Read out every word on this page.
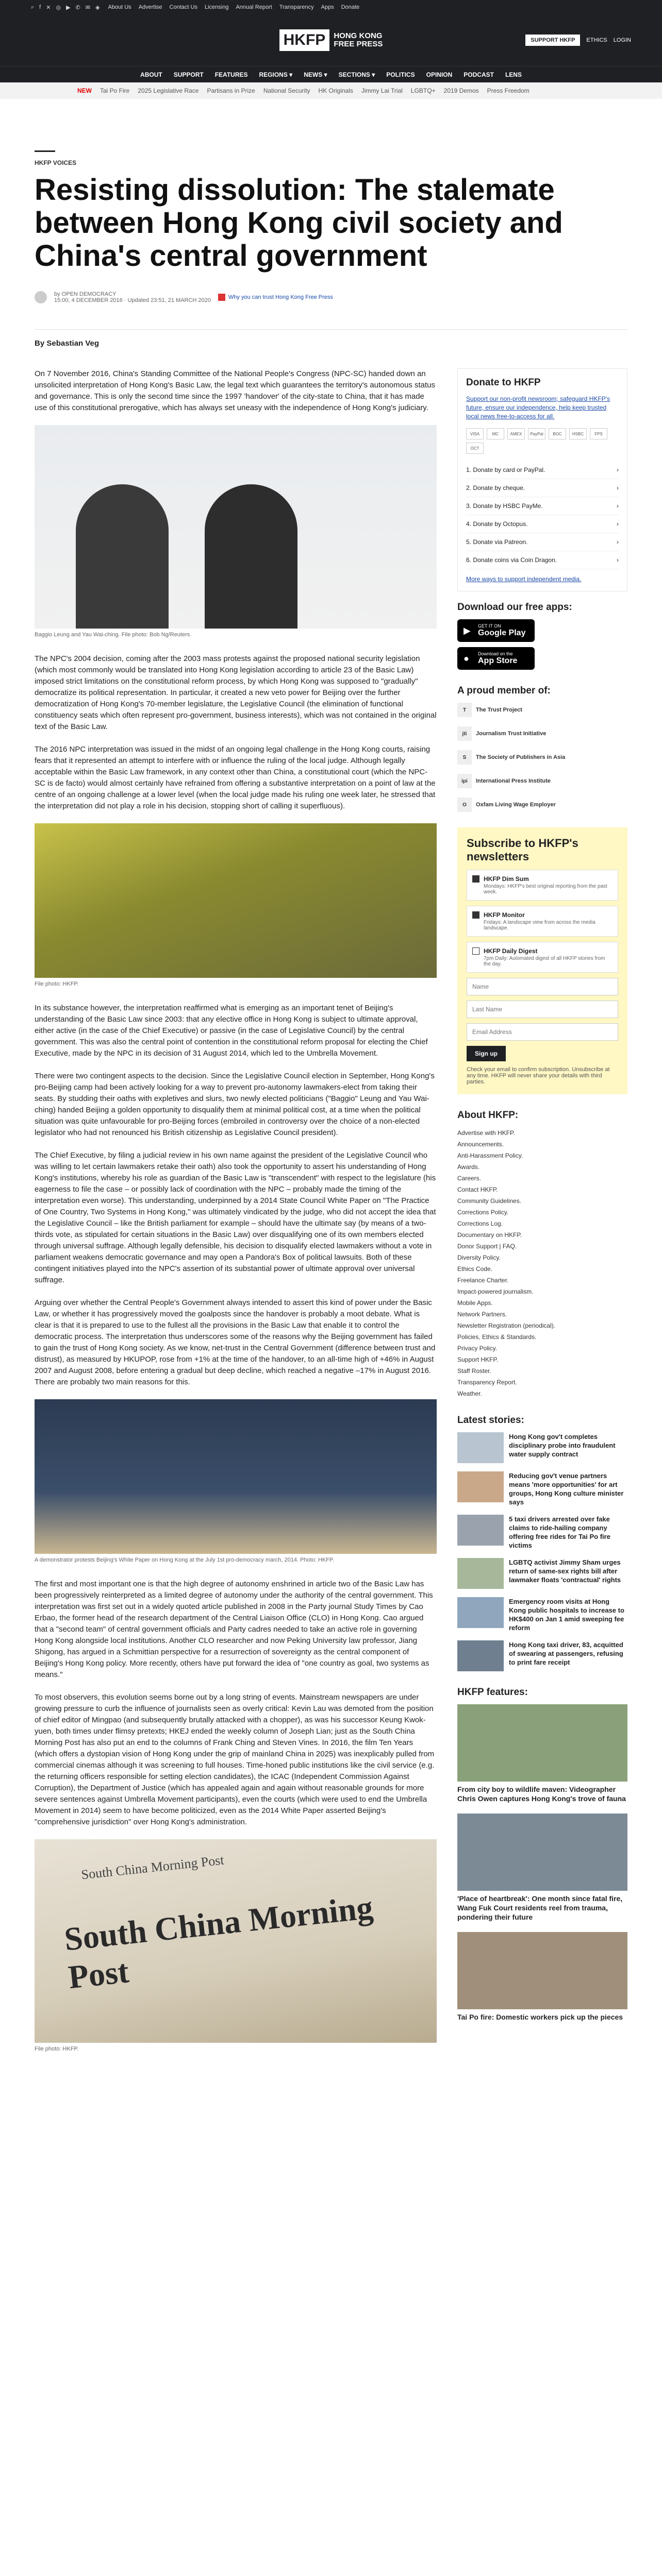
⌕ f ✕ ◎ ▶ ✆ ✉ ◈ About Us Advertise Contact Us Licensing Annual Report Transparency Apps Donate
HKFP	HONG KONG
FREE PRESS	SUPPORT HKFP	ETHICS LOGIN
ABOUT SUPPORT FEATURES REGIONS ▾ NEWS ▾ SECTIONS ▾ POLITICS OPINION PODCAST LENS
NEW Tai Po Fire 2025 Legislative Race Partisans in Prize National Security HK Originals Jimmy Lai Trial LGBTQ+ 2019 Demos Press Freedom
HKFP VOICES
Resisting dissolution: The stalemate between Hong Kong civil society and China's central government
by OPEN DEMOCRACY
15:00, 4 DECEMBER 2016 · Updated 23:51, 21 MARCH 2020	Why you can trust Hong Kong Free Press
By Sebastian Veg

On 7 November 2016, China's Standing Committee of the National People's Congress (NPC-SC) handed down an unsolicited interpretation of Hong Kong's Basic Law, the legal text which guarantees the territory's autonomous status and governance. This is only the second time since the 1997 'handover' of the city-state to China, that it has made use of this constitutional prerogative, which has always set uneasy with the independence of Hong Kong's judiciary.

Baggio Leung and Yau Wai-ching. File photo: Bob Ng/Reuters.

The NPC's 2004 decision, coming after the 2003 mass protests against the proposed national security legislation (which most commonly would be translated into Hong Kong legislation according to article 23 of the Basic Law) imposed strict limitations on the constitutional reform process, by which Hong Kong was supposed to "gradually" democratize its political representation. In particular, it created a new veto power for Beijing over the further democratization of Hong Kong's 70-member legislature, the Legislative Council (the elimination of functional constituency seats which often represent pro-government, business interests), which was not contained in the original text of the Basic Law.

The 2016 NPC interpretation was issued in the midst of an ongoing legal challenge in the Hong Kong courts, raising fears that it represented an attempt to interfere with or influence the ruling of the local judge. Although legally acceptable within the Basic Law framework, in any context other than China, a constitutional court (which the NPC-SC is de facto) would almost certainly have refrained from offering a substantive interpretation on a point of law at the centre of an ongoing challenge at a lower level (when the local judge made his ruling one week later, he stressed that the interpretation did not play a role in his decision, stopping short of calling it superfluous).

File photo: HKFP.

In its substance however, the interpretation reaffirmed what is emerging as an important tenet of Beijing's understanding of the Basic Law since 2003: that any elective office in Hong Kong is subject to ultimate approval, either active (in the case of the Chief Executive) or passive (in the case of Legislative Council) by the central government. This was also the central point of contention in the constitutional reform proposal for electing the Chief Executive, made by the NPC in its decision of 31 August 2014, which led to the Umbrella Movement.

There were two contingent aspects to the decision. Since the Legislative Council election in September, Hong Kong's pro-Beijing camp had been actively looking for a way to prevent pro-autonomy lawmakers-elect from taking their seats. By studding their oaths with expletives and slurs, two newly elected politicians ("Baggio" Leung and Yau Wai-ching) handed Beijing a golden opportunity to disqualify them at minimal political cost, at a time when the political situation was quite unfavourable for pro-Beijing forces (embroiled in controversy over the choice of a non-elected legislator who had not renounced his British citizenship as Legislative Council president).

The Chief Executive, by filing a judicial review in his own name against the president of the Legislative Council who was willing to let certain lawmakers retake their oath) also took the opportunity to assert his understanding of Hong Kong's institutions, whereby his role as guardian of the Basic Law is "transcendent" with respect to the legislature (his eagerness to file the case – or possibly lack of coordination with the NPC – probably made the timing of the interpretation even worse). This understanding, underpinned by a 2014 State Council White Paper on "The Practice of One Country, Two Systems in Hong Kong," was ultimately vindicated by the judge, who did not accept the idea that the Legislative Council – like the British parliament for example – should have the ultimate say (by means of a two-thirds vote, as stipulated for certain situations in the Basic Law) over disqualifying one of its own members elected through universal suffrage. Although legally defensible, his decision to disqualify elected lawmakers without a vote in parliament weakens democratic governance and may open a Pandora's Box of political lawsuits. Both of these contingent initiatives played into the NPC's assertion of its substantial power of ultimate approval over universal suffrage.

Arguing over whether the Central People's Government always intended to assert this kind of power under the Basic Law, or whether it has progressively moved the goalposts since the handover is probably a moot debate. What is clear is that it is prepared to use to the fullest all the provisions in the Basic Law that enable it to control the democratic process. The interpretation thus underscores some of the reasons why the Beijing government has failed to gain the trust of Hong Kong society. As we know, net-trust in the Central Government (difference between trust and distrust), as measured by HKUPOP, rose from +1% at the time of the handover, to an all-time high of +46% in August 2007 and August 2008, before entering a gradual but deep decline, which reached a negative –17% in August 2016. There are probably two main reasons for this.

A demonstrator protests Beijing's White Paper on Hong Kong at the July 1st pro-democracy march, 2014. Photo: HKFP.

The first and most important one is that the high degree of autonomy enshrined in article two of the Basic Law has been progressively reinterpreted as a limited degree of autonomy under the authority of the central government. This interpretation was first set out in a widely quoted article published in 2008 in the Party journal Study Times by Cao Erbao, the former head of the research department of the Central Liaison Office (CLO) in Hong Kong. Cao argued that a "second team" of central government officials and Party cadres needed to take an active role in governing Hong Kong alongside local institutions. Another CLO researcher and now Peking University law professor, Jiang Shigong, has argued in a Schmittian perspective for a resurrection of sovereignty as the central component of Beijing's Hong Kong policy. More recently, others have put forward the idea of "one country as goal, two systems as means."

To most observers, this evolution seems borne out by a long string of events. Mainstream newspapers are under growing pressure to curb the influence of journalists seen as overly critical: Kevin Lau was demoted from the position of chief editor of Mingpao (and subsequently brutally attacked with a chopper), as was his successor Keung Kwok-yuen, both times under flimsy pretexts; HKEJ ended the weekly column of Joseph Lian; just as the South China Morning Post has also put an end to the columns of Frank Ching and Steven Vines. In 2016, the film Ten Years (which offers a dystopian vision of Hong Kong under the grip of mainland China in 2025) was inexplicably pulled from commercial cinemas although it was screening to full houses. Time-honed public institutions like the civil service (e.g. the returning officers responsible for setting election candidates), the ICAC (Independent Commission Against Corruption), the Department of Justice (which has appealed again and again without reasonable grounds for more severe sentences against Umbrella Movement participants), even the courts (which were used to end the Umbrella Movement in 2014) seem to have become politicized, even as the 2014 White Paper asserted Beijing's "comprehensive jurisdiction" over Hong Kong's administration.

South China Morning Post
South China Morning Post
File photo: HKFP.
Donate to HKFP
Support our non-profit newsroom; safeguard HKFP's future, ensure our independence, help keep trusted local news free-to-access for all.
VISA	MC	AMEX	PayPal	BOC	HSBC	FPS
OCT
1. Donate by card or PayPal.	›
2. Donate by cheque.	›
3. Donate by HSBC PayMe.	›
4. Donate by Octopus.	›
5. Donate via Patreon.	›
6. Donate coins via Coin Dragon.	›
More ways to support independent media.
Download our free apps:
▶ GET IT ON
Google Play
● Download on the
App Store
A proud member of:
T	The Trust Project
jti	Journalism Trust Initiative
S	The Society of Publishers in Asia
ipi	International Press Institute
O	Oxfam Living Wage Employer
Subscribe to HKFP's newsletters
HKFP Dim Sum
Mondays: HKFP's best original reporting from the past week.
HKFP Monitor
Fridays: A landscape view from across the media landscape.
HKFP Daily Digest
7pm Daily: Automated digest of all HKFP stories from the day.
Name Last Name Email Address Sign up
Check your email to confirm subscription. Unsubscribe at any time. HKFP will never share your details with third parties.
About HKFP:
Advertise with HKFP.
Announcements.
Anti-Harassment Policy.
Awards.
Careers.
Contact HKFP.
Community Guidelines.
Corrections Policy.
Corrections Log.
Documentary on HKFP.
Donor Support | FAQ.
Diversity Policy.
Ethics Code.
Freelance Charter.
Impact-powered journalism.
Mobile Apps.
Network Partners.
Newsletter Registration (periodical).
Policies, Ethics & Standards.
Privacy Policy.
Support HKFP.
Staff Roster.
Transparency Report.
Weather.
Latest stories:
Hong Kong gov't completes disciplinary probe into fraudulent water supply contract
Reducing gov't venue partners means 'more opportunities' for art groups, Hong Kong culture minister says
5 taxi drivers arrested over fake claims to ride-hailing company offering free rides for Tai Po fire victims
LGBTQ activist Jimmy Sham urges return of same-sex rights bill after lawmaker floats 'contractual' rights
Emergency room visits at Hong Kong public hospitals to increase to HK$400 on Jan 1 amid sweeping fee reform
Hong Kong taxi driver, 83, acquitted of swearing at passengers, refusing to print fare receipt
HKFP features:
From city boy to wildlife maven: Videographer Chris Owen captures Hong Kong's trove of fauna
'Place of heartbreak': One month since fatal fire, Wang Fuk Court residents reel from trauma, pondering their future
Tai Po fire: Domestic workers pick up the pieces
